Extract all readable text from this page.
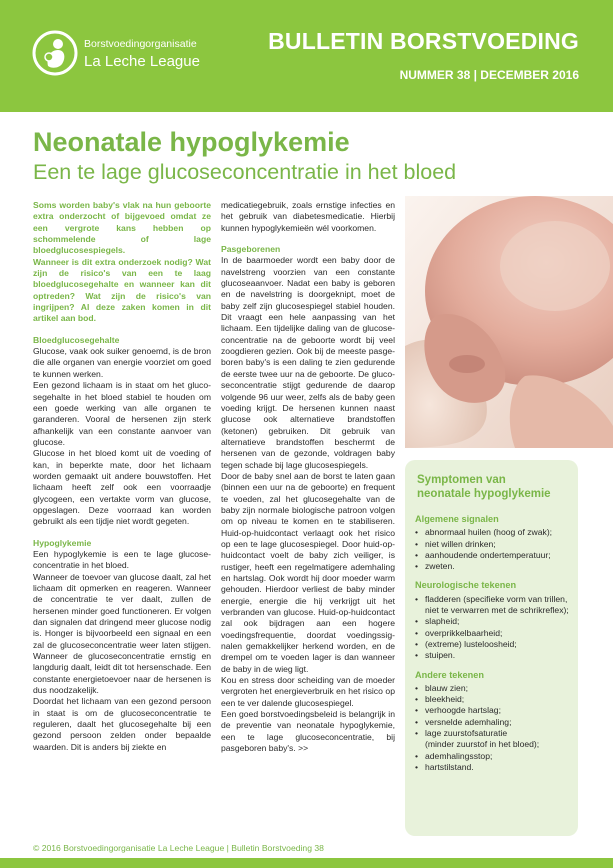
Borstvoedingorganisatie
La Leche League
BULLETIN BORSTVOEDING
NUMMER 38 | DECEMBER 2016
Neonatale hypoglykemie
Een te lage glucoseconcentratie in het bloed

Soms worden baby's vlak na hun geboorte extra onderzocht of bijgevoed omdat ze een vergrote kans hebben op schommelende of lage bloedglucosespiegels.

Wanneer is dit extra onderzoek nodig? Wat zijn de risico's van een te laag bloedglucosegehalte en wanneer kan dit optreden? Wat zijn de risico's van ingrijpen? Al deze zaken komen in dit artikel aan bod.

Bloedglucosegehalte

Glucose, vaak ook suiker genoemd, is de bron die alle organen van energie voorziet om goed te kunnen werken.

Een gezond lichaam is in staat om het glucosegehalte in het bloed stabiel te houden om een goede werking van alle organen te garanderen. Vooral de hersenen zijn sterk afhankelijk van een constante aanvoer van glucose.

Glucose in het bloed komt uit de voeding of kan, in beperkte mate, door het lichaam worden gemaakt uit andere bouwstoffen. Het lichaam heeft zelf ook een voorraadje glycogeen, een vertakte vorm van glucose, opgeslagen. Deze voorraad kan worden gebruikt als een tijdje niet wordt gegeten.

Hypoglykemie

Een hypoglykemie is een te lage glucoseconcentratie in het bloed.

Wanneer de toevoer van glucose daalt, zal het lichaam dit opmerken en reageren. Wanneer de concentratie te ver daalt, zullen de hersenen minder goed functioneren. Er volgen dan signalen dat dringend meer glucose nodig is. Honger is bijvoorbeeld een signaal en een zal de glucoseconcentratie weer laten stijgen. Wanneer de glucoseconcentratie ernstig en langdurig daalt, leidt dit tot hersenschade. Een constante energietoevoer naar de hersenen is dus noodzakelijk.

Doordat het lichaam van een gezond persoon in staat is om de glucoseconcentratie te reguleren, daalt het glucosegehalte bij een gezond persoon zelden onder bepaalde waarden. Dit is anders bij ziekte en

medicatiegebruik, zoals ernstige infecties en het gebruik van diabetesmedicatie. Hierbij kunnen hypoglykemieën wél voorkomen.

Pasgeborenen

In de baarmoeder wordt een baby door de navelstreng voorzien van een constante glucoseaanvoer. Nadat een baby is geboren en de navelstring is doorgeknipt, moet de baby zelf zijn glucosespiegel stabiel houden. Dit vraagt een hele aanpassing van het lichaam. Een tijdelijke daling van de glucoseconcentratie na de geboorte wordt bij veel zoogdieren gezien. Ook bij de meeste pasgeboren baby's is een daling te zien gedurende de eerste twee uur na de geboorte. De glucoseconcentratie stijgt gedurende de daarop volgende 96 uur weer, zelfs als de baby geen voeding krijgt. De hersenen kunnen naast glucose ook alternatieve brandstoffen (ketonen) gebruiken. Dit gebruik van alternatieve brandstoffen beschermt de hersenen van de gezonde, voldragen baby tegen schade bij lage glucosespiegels.

Door de baby snel aan de borst te laten gaan (binnen een uur na de geboorte) en frequent te voeden, zal het glucosegehalte van de baby zijn normale biologische patroon volgen om op niveau te komen en te stabiliseren. Huid-op-huidcontact verlaagt ook het risico op een te lage glucosespiegel. Door huid-op-huidcontact voelt de baby zich veiliger, is rustiger, heeft een regelmatigere ademhaling en hartslag. Ook wordt hij door moeder warm gehouden. Hierdoor verliest de baby minder energie, energie die hij verkrijgt uit het verbranden van glucose. Huid-op-huidcontact zal ook bijdragen aan een hogere voedingsfrequentie, doordat voedingssignalen gemakkelijker herkend worden, en de drempel om te voeden lager is dan wanneer de baby in de wieg ligt.

Kou en stress door scheiding van de moeder vergroten het energieverbruik en het risico op een te ver dalende glucosespiegel.

Een goed borstvoedingsbeleid is belangrijk in de preventie van neonatale hypoglykemie, een te lage glucoseconcentratie, bij pasgeboren baby's. >>

Symptomen van
neonatale hypoglykemie

Algemene signalen

• abnormaal huilen (hoog of zwak);
• niet willen drinken;
• aanhoudende ondertemperatuur;
• zweten.

Neurologische tekenen

• fladderen (specifieke vorm van trillen,
niet te verwarren met de schrikreflex);
• slapheid;
• overprikkelbaarheid;
• (extreme) lusteloosheid;
• stuipen.

Andere tekenen

• blauw zien;
• bleekheid;
• verhoogde hartslag;
• versnelde ademhaling;
• lage zuurstofsaturatie
(minder zuurstof in het bloed);
• ademhalingsstop;
• hartstilstand.
© 2016 Borstvoedingorganisatie La Leche League | Bulletin Borstvoeding 38
